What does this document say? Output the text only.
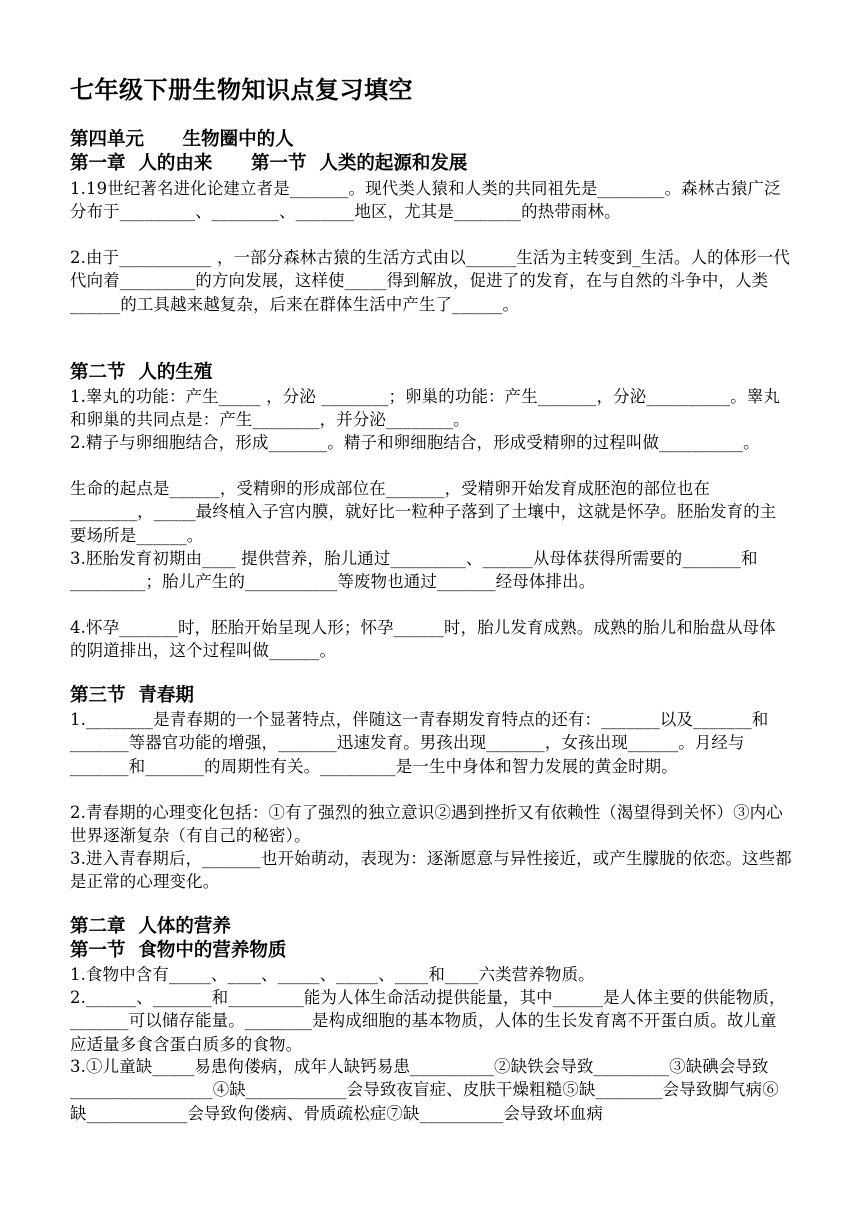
七年级下册生物知识点复习填空
第四单元      生物圈中的人
第一章  人的由来      第一节  人类的起源和发展

1.19世纪著名进化论建立者是_______。现代类人猿和人类的共同祖先是________。森林古猿广泛分布于_________、________、_______地区，尤其是________的热带雨林。

2.由于___________ ，一部分森林古猿的生活方式由以______生活为主转变到_生活。人的体形一代代向着_________的方向发展，这样使_____得到解放，促进了的发育，在与自然的斗争中，人类______的工具越来越复杂，后来在群体生活中产生了______。

第二节  人的生殖

1.睾丸的功能：产生_____ ，分泌 ________；卵巢的功能：产生_______，分泌__________。睾丸和卵巢的共同点是：产生________，并分泌________。

2.精子与卵细胞结合，形成_______。精子和卵细胞结合，形成受精卵的过程叫做__________。

生命的起点是______，受精卵的形成部位在_______，受精卵开始发育成胚泡的部位也在________，_____最终植入子宫内膜，就好比一粒种子落到了土壤中，这就是怀孕。胚胎发育的主要场所是______。

3.胚胎发育初期由____ 提供营养，胎儿通过_________、______从母体获得所需要的_______和_________；胎儿产生的___________等废物也通过_______经母体排出。

4.怀孕_______时，胚胎开始呈现人形；怀孕______时，胎儿发育成熟。成熟的胎儿和胎盘从母体的阴道排出，这个过程叫做______。

第三节  青春期

1.________是青春期的一个显著特点，伴随这一青春期发育特点的还有：_______以及_______和_______等器官功能的增强，_______迅速发育。男孩出现_______，女孩出现______。月经与_______和_______的周期性有关。_________是一生中身体和智力发展的黄金时期。

2.青春期的心理变化包括：①有了强烈的独立意识②遇到挫折又有依赖性（渴望得到关怀）③内心世界逐渐复杂（有自己的秘密）。

3.进入青春期后，_______也开始萌动，表现为：逐渐愿意与异性接近，或产生朦胧的依恋。这些都是正常的心理变化。

第二章  人体的营养
第一节  食物中的营养物质

1.食物中含有_____、____、_____、_____、____和____六类营养物质。

2.______、_______和_________能为人体生命活动提供能量，其中______是人体主要的供能物质，_______可以储存能量。________是构成细胞的基本物质，人体的生长发育离不开蛋白质。故儿童应适量多食含蛋白质多的食物。

3.①儿童缺_____易患佝偻病，成年人缺钙易患__________②缺铁会导致_________③缺碘会导致_________________④缺____________会导致夜盲症、皮肤干燥粗糙⑤缺________会导致脚气病⑥缺____________会导致佝偻病、骨质疏松症⑦缺__________会导致坏血病
